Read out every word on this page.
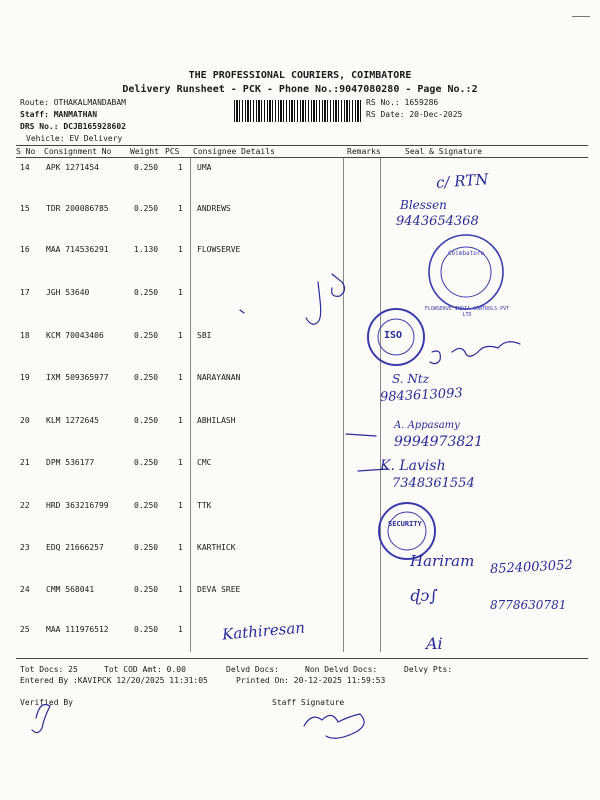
THE PROFESSIONAL COURIERS, COIMBATORE
Delivery Runsheet - PCK - Phone No.:9047080280 - Page No.:2
Route: OTHAKALMANDABAM
Staff: MANMATHAN
DRS No.: DCJB165928602
Vehicle: EV Delivery
RS No.: 1659286
RS Date: 20-Dec-2025
S No Consignment No Weight PCS Consignee Details	Remarks	Seal & Signature
14 APK 1271454	0.250 1 UMA
15 TDR 200086785	0.250 1 ANDREWS
16 MAA 714536291	1.130 1 FLOWSERVE
17 JGH 53640	0.250 1
18 KCM 70043406	0.250 1 SBI
19 IXM 509365977	0.250 1 NARAYANAN
20 KLM 1272645	0.250 1 ABHILASH
21 DPM 536177	0.250 1 CMC
22 HRD 363216799	0.250 1 TTK
23 EDQ 21666257	0.250 1 KARTHICK
24 CMM 568041	0.250 1 DEVA SREE
25 MAA 111976512	0.250 1
Tot Docs: 25	Tot COD Amt: 0.00	Delvd Docs:	Non Delvd Docs:	Delvy Pts:
Entered By :KAVIPCK 12/20/2025 11:31:05	Printed On: 20-12-2025 11:59:53
Verified By	Staff Signature
c/ RTN
Blessen
9443654368
Coimbatore
FLOWSERVE INDIA CONTROLS PVT LTD
ISO
S. Ntz
9843613093
A. Appasamy
9994973821
K. Lavish
7348361554
SECURITY
Hariram 8524003052
ɖↄ∫	8778630781
Kathiresan	Ai
